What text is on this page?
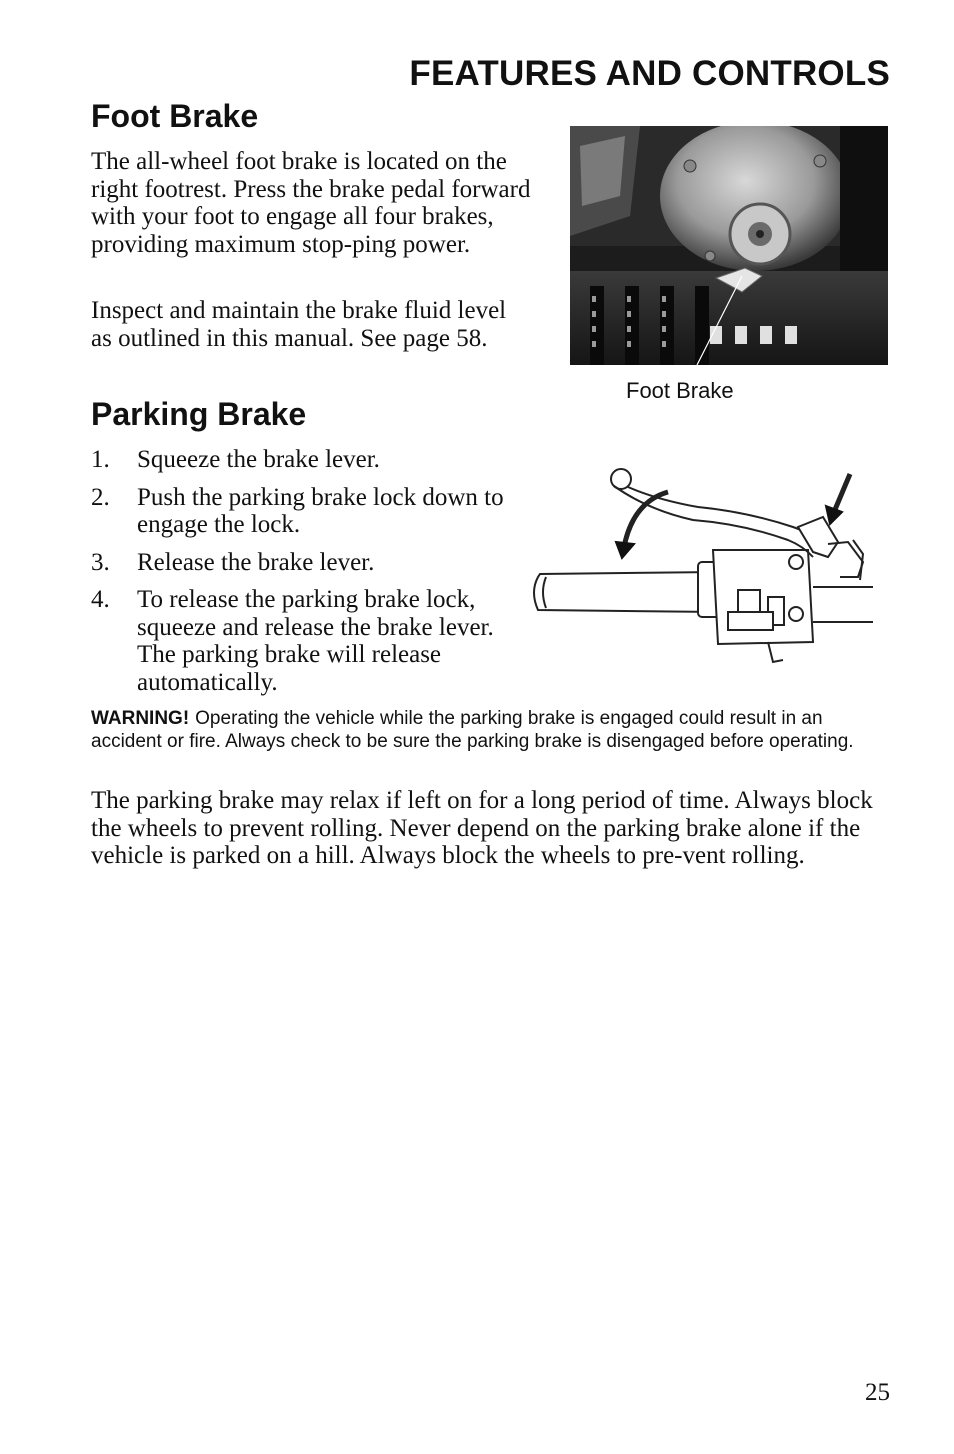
FEATURES AND CONTROLS
Foot Brake

The all-wheel foot brake is located on the right footrest. Press the brake pedal forward with your foot to engage all four brakes, providing maximum stop-ping power.

Inspect and maintain the brake fluid level as outlined in this manual. See page 58.

Foot Brake
Parking Brake
1. Squeeze the brake lever.
2. Push the parking brake lock down to engage the lock.
3. Release the brake lever.
4. To release the parking brake lock, squeeze and release the brake lever. The parking brake will release automatically.
WARNING! Operating the vehicle while the parking brake is engaged could result in an accident or fire. Always check to be sure the parking brake is disengaged before operating.

The parking brake may relax if left on for a long period of time. Always block the wheels to prevent rolling. Never depend on the parking brake alone if the vehicle is parked on a hill. Always block the wheels to pre-vent rolling.

25
